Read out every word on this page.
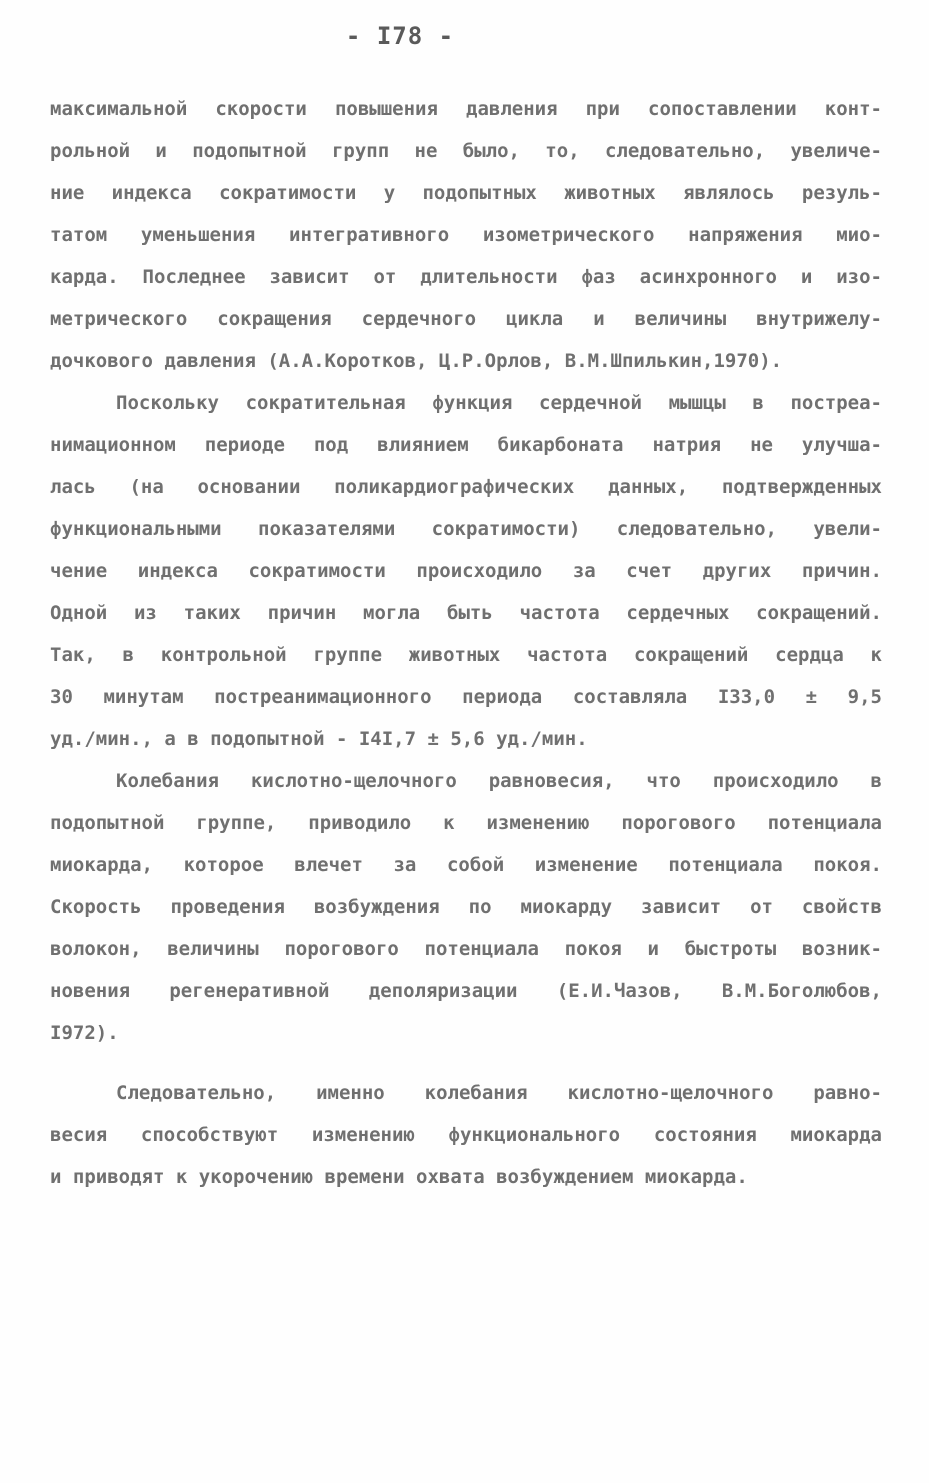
- I78 -
максимальной скорости повышения давления при сопоставлении конт-
рольной и подопытной групп не было, то, следовательно, увеличе-
ние индекса сократимости у подопытных животных являлось резуль-
татом уменьшения интегративного изометрического напряжения мио-
карда. Последнее зависит от длительности фаз асинхронного и изо-
метрического сокращения сердечного цикла и величины внутрижелу-
дочкового давления (А.А.Коротков, Ц.Р.Орлов, В.М.Шпилькин,1970).
Поскольку сократительная функция сердечной мышцы в постреа-
нимационном периоде под влиянием бикарбоната натрия не улучша-
лась (на основании поликардиографических данных, подтвержденных
функциональными показателями сократимости) следовательно, увели-
чение индекса сократимости происходило за счет других причин.
Одной из таких причин могла быть частота сердечных сокращений.
Так, в контрольной группе животных частота сокращений сердца к
30 минутам постреанимационного периода составляла I33,0 ± 9,5
уд./мин., а в подопытной - I4I,7 ± 5,6 уд./мин.
Колебания кислотно-щелочного равновесия, что происходило в
подопытной группе, приводило к изменению порогового потенциала
миокарда, которое влечет за собой изменение потенциала покоя.
Скорость проведения возбуждения по миокарду зависит от свойств
волокон, величины порогового потенциала покоя и быстроты возник-
новения регенеративной деполяризации (Е.И.Чазов, В.М.Боголюбов,
I972).
Следовательно, именно колебания кислотно-щелочного равно-
весия способствуют изменению функционального состояния миокарда
и приводят к укорочению времени охвата возбуждением миокарда.
